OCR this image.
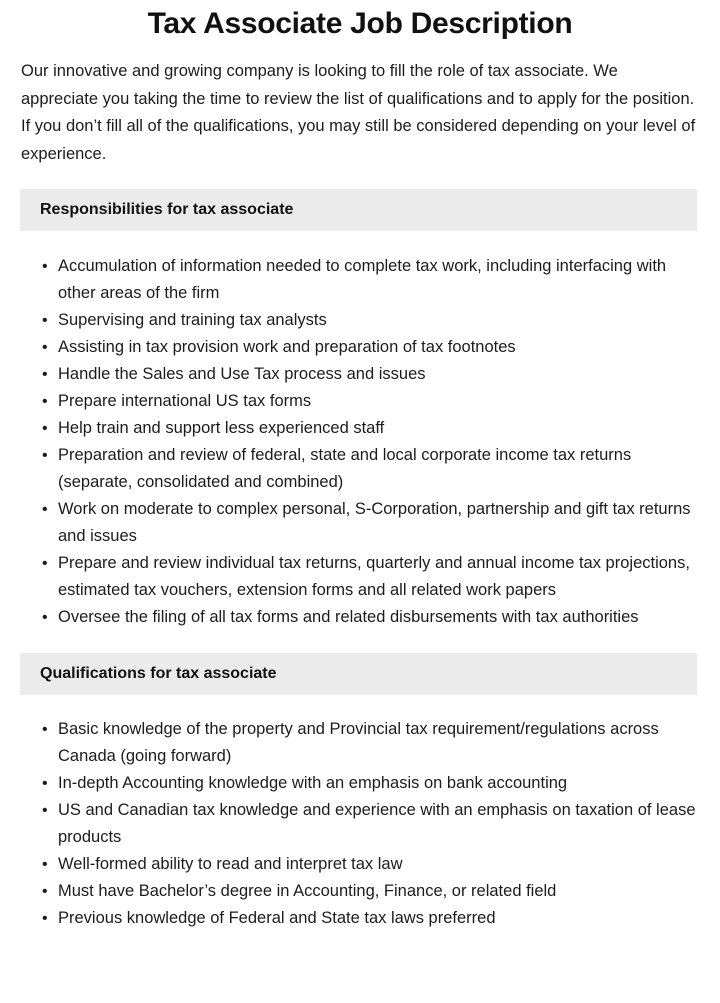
Tax Associate Job Description

Our innovative and growing company is looking to fill the role of tax associate. We appreciate you taking the time to review the list of qualifications and to apply for the position. If you don’t fill all of the qualifications, you may still be considered depending on your level of experience.

Responsibilities for tax associate
• Accumulation of information needed to complete tax work, including interfacing with other areas of the firm
• Supervising and training tax analysts
• Assisting in tax provision work and preparation of tax footnotes
• Handle the Sales and Use Tax process and issues
• Prepare international US tax forms
• Help train and support less experienced staff
• Preparation and review of federal, state and local corporate income tax returns (separate, consolidated and combined)
• Work on moderate to complex personal, S-Corporation, partnership and gift tax returns and issues
• Prepare and review individual tax returns, quarterly and annual income tax projections, estimated tax vouchers, extension forms and all related work papers
• Oversee the filing of all tax forms and related disbursements with tax authorities
Qualifications for tax associate
• Basic knowledge of the property and Provincial tax requirement/regulations across Canada (going forward)
• In-depth Accounting knowledge with an emphasis on bank accounting
• US and Canadian tax knowledge and experience with an emphasis on taxation of lease products
• Well-formed ability to read and interpret tax law
• Must have Bachelor’s degree in Accounting, Finance, or related field
• Previous knowledge of Federal and State tax laws preferred
